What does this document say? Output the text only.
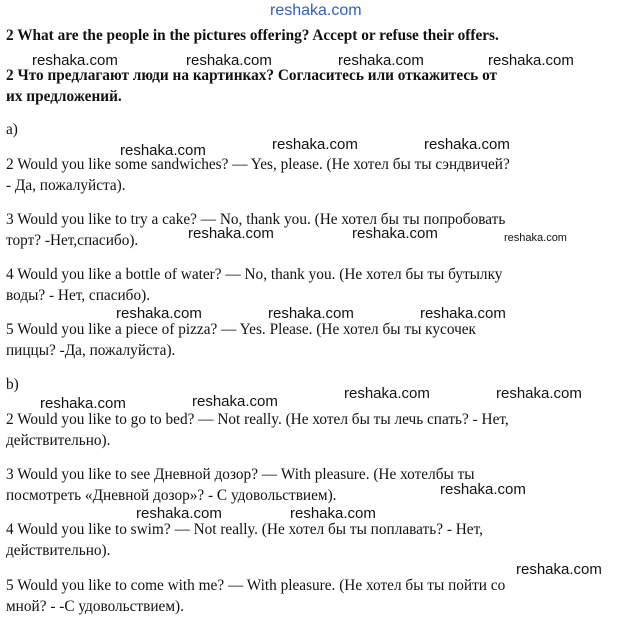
reshaka.com
2 What are the people in the pictures offering? Accept or refuse their offers.
2 Что предлагают люди на картинках? Согласитесь или откажитесь от
их предложений.
a)
2 Would you like some sandwiches? — Yes, please. (Не хотел бы ты сэндвичей?
- Да, пожалуйста).
3 Would you like to try a cake? — No, thank you. (Не хотел бы ты попробовать
торт? -Нет,спасибо).
4 Would you like a bottle of water? — No, thank you. (Не хотел бы ты бутылку
воды? - Нет, спасибо).
5 Would you like a piece of pizza? — Yes. Please. (Не хотел бы ты кусочек
пиццы? -Да, пожалуйста).
b)
2 Would you like to go to bed? — Not really. (Не хотел бы ты лечь спать? - Нет,
действительно).
3 Would you like to see Дневной дозор? — With pleasure. (Не хотелбы ты
посмотреть «Дневной дозор»? - С удовольствием).
4 Would you like to swim? — Not really. (Не хотел бы ты поплавать? - Нет,
действительно).
5 Would you like to come with me? — With pleasure. (Не хотел бы ты пойти со
мной? - -С удовольствием).
reshaka.com	reshaka.com	reshaka.com	reshaka.com
reshaka.com	reshaka.com	reshaka.com
reshaka.com	reshaka.com	reshaka.com
reshaka.com	reshaka.com	reshaka.com
reshaka.com	reshaka.com	reshaka.com	reshaka.com
reshaka.com
reshaka.com	reshaka.com
reshaka.com
